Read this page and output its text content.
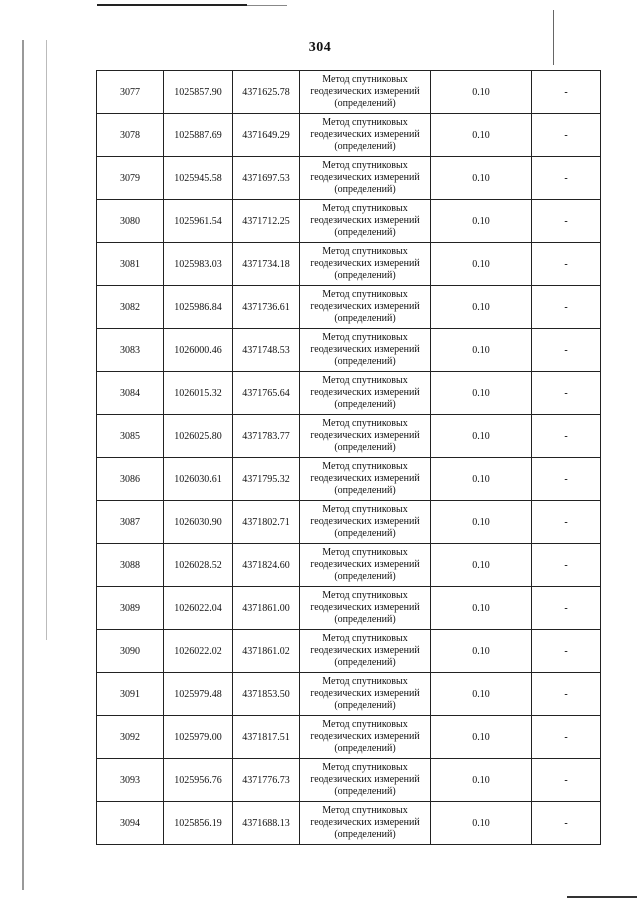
304
3077	1025857.90	4371625.78	Метод спутниковых
геодезических измерений
(определений)	0.10	-
3078	1025887.69	4371649.29	Метод спутниковых
геодезических измерений
(определений)	0.10	-
3079	1025945.58	4371697.53	Метод спутниковых
геодезических измерений
(определений)	0.10	-
3080	1025961.54	4371712.25	Метод спутниковых
геодезических измерений
(определений)	0.10	-
3081	1025983.03	4371734.18	Метод спутниковых
геодезических измерений
(определений)	0.10	-
3082	1025986.84	4371736.61	Метод спутниковых
геодезических измерений
(определений)	0.10	-
3083	1026000.46	4371748.53	Метод спутниковых
геодезических измерений
(определений)	0.10	-
3084	1026015.32	4371765.64	Метод спутниковых
геодезических измерений
(определений)	0.10	-
3085	1026025.80	4371783.77	Метод спутниковых
геодезических измерений
(определений)	0.10	-
3086	1026030.61	4371795.32	Метод спутниковых
геодезических измерений
(определений)	0.10	-
3087	1026030.90	4371802.71	Метод спутниковых
геодезических измерений
(определений)	0.10	-
3088	1026028.52	4371824.60	Метод спутниковых
геодезических измерений
(определений)	0.10	-
3089	1026022.04	4371861.00	Метод спутниковых
геодезических измерений
(определений)	0.10	-
3090	1026022.02	4371861.02	Метод спутниковых
геодезических измерений
(определений)	0.10	-
3091	1025979.48	4371853.50	Метод спутниковых
геодезических измерений
(определений)	0.10	-
3092	1025979.00	4371817.51	Метод спутниковых
геодезических измерений
(определений)	0.10	-
3093	1025956.76	4371776.73	Метод спутниковых
геодезических измерений
(определений)	0.10	-
3094	1025856.19	4371688.13	Метод спутниковых
геодезических измерений
(определений)	0.10	-
